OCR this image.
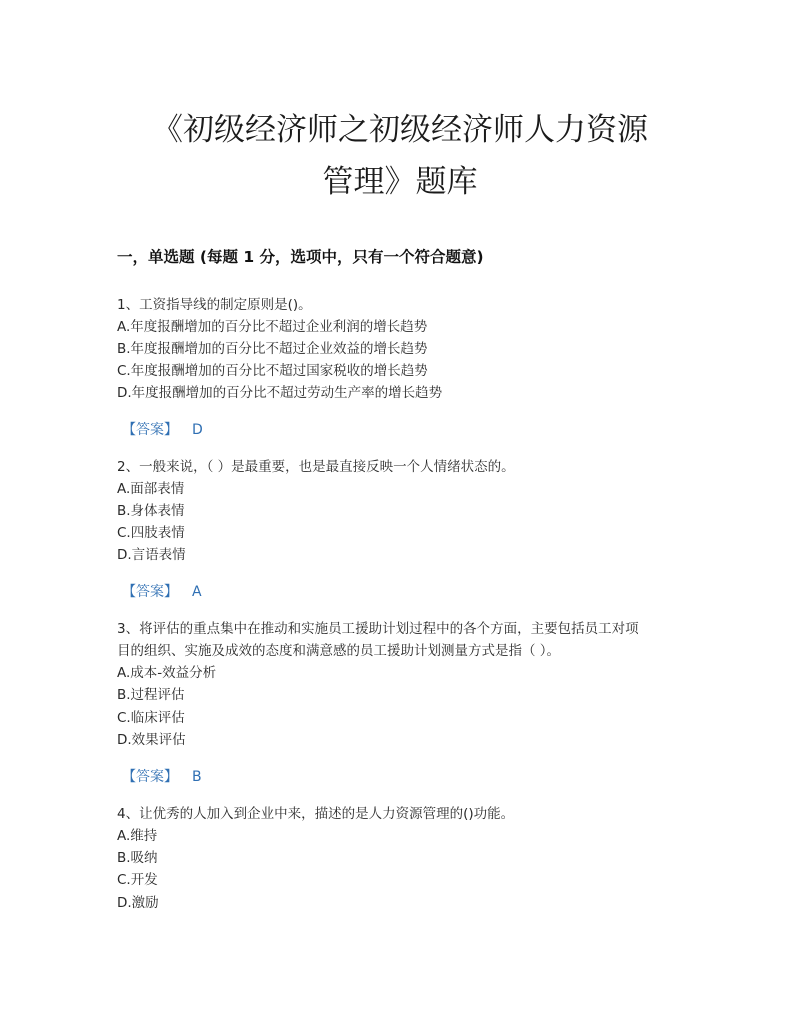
《初级经济师之初级经济师人力资源
管理》题库
一，单选题 (每题 1 分，选项中，只有一个符合题意)

1、工资指导线的制定原则是()。

A.年度报酬增加的百分比不超过企业利润的增长趋势

B.年度报酬增加的百分比不超过企业效益的增长趋势

C.年度报酬增加的百分比不超过国家税收的增长趋势

D.年度报酬增加的百分比不超过劳动生产率的增长趋势

【答案】 D

2、一般来说，（ ）是最重要，也是最直接反映一个人情绪状态的。

A.面部表情

B.身体表情

C.四肢表情

D.言语表情

【答案】 A

3、将评估的重点集中在推动和实施员工援助计划过程中的各个方面，主要包括员工对项

目的组织、实施及成效的态度和满意感的员工援助计划测量方式是指（ ）。

A.成本-效益分析

B.过程评估

C.临床评估

D.效果评估

【答案】 B

4、让优秀的人加入到企业中来，描述的是人力资源管理的()功能。

A.维持

B.吸纳

C.开发

D.激励
